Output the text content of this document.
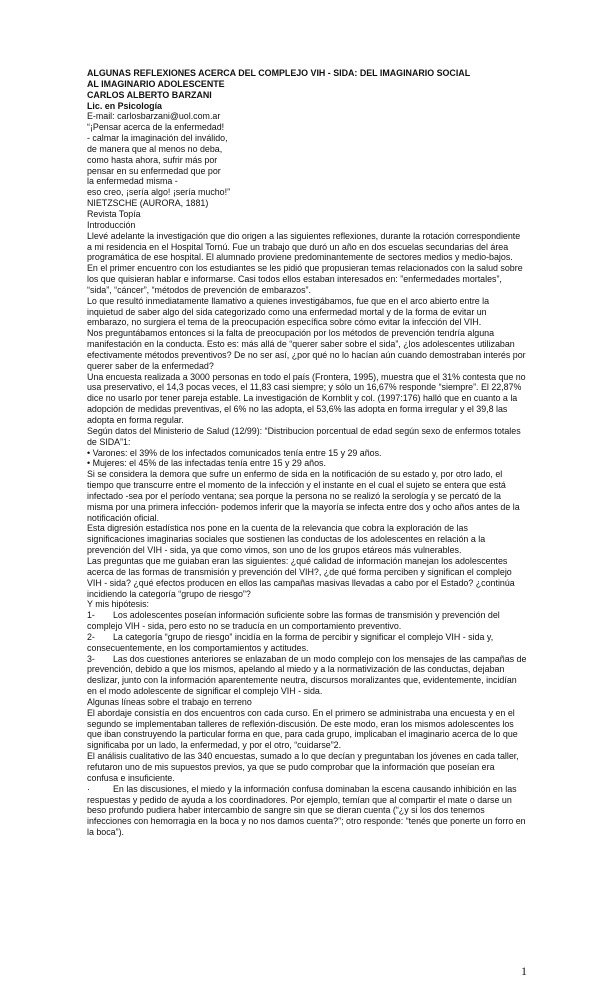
ALGUNAS REFLEXIONES ACERCA DEL COMPLEJO VIH - SIDA: DEL IMAGINARIO SOCIAL

AL IMAGINARIO ADOLESCENTE

CARLOS ALBERTO BARZANI

Lic. en Psicología

E-mail: carlosbarzani@uol.com.ar

“¡Pensar acerca de la enfermedad!

- calmar la imaginación del inválido,

de manera que al menos no deba,

como hasta ahora, sufrir más por

pensar en su enfermedad que por

la enfermedad misma -

eso creo, ¡sería algo! ¡sería mucho!”

NIETZSCHE (AURORA, 1881)

Revista Topía

Introducción

Llevé adelante la investigación que dio origen a las siguientes reflexiones, durante la rotación correspondiente a mi residencia en el Hospital Tornú. Fue un trabajo que duró un año en dos escuelas secundarias del área programática de ese hospital. El alumnado proviene predominantemente de sectores medios y medio-bajos.

En el primer encuentro con los estudiantes se les pidió que propusieran temas relacionados con la salud sobre los que quisieran hablar e informarse. Casi todos ellos estaban interesados en: ”enfermedades mortales”, “sida”, “cáncer”, “métodos de prevención de embarazos”.

Lo que resultó inmediatamente llamativo a quienes investigábamos, fue que en el arco abierto entre la inquietud de saber algo del sida categorizado como una enfermedad mortal y de la forma de evitar un embarazo, no surgiera el tema de la preocupación específica sobre cómo evitar la infección del VIH.

Nos preguntábamos entonces si la falta de preocupación por los métodos de prevención tendría alguna manifestación en la conducta. Esto es: más allá de “querer saber sobre el sida”, ¿los adolescentes utilizaban efectivamente métodos preventivos? De no ser así, ¿por qué no lo hacían aún cuando demostraban interés por querer saber de la enfermedad?

Una encuesta realizada a 3000 personas en todo el país (Frontera, 1995), muestra que el 31% contesta que no usa preservativo, el 14,3 pocas veces, el 11,83 casi siempre; y sólo un 16,67% responde “siempre”. El 22,87% dice no usarlo por tener pareja estable. La investigación de Kornblit y col. (1997:176) halló que en cuanto a la adopción de medidas preventivas, el 6% no las adopta, el 53,6% las adopta en forma irregular y el 39,8 las adopta en forma regular.

Según datos del Ministerio de Salud (12/99): “Distribucion porcentual de edad según sexo de enfermos totales de SIDA”1:

• Varones: el 39% de los infectados comunicados tenía entre 15 y 29 años.

• Mujeres: el 45% de las infectadas tenía entre 15 y 29 años.

Si se considera la demora que sufre un enfermo de sida en la notificación de su estado y, por otro lado, el tiempo que transcurre entre el momento de la infección y el instante en el cual el sujeto se entera que está infectado -sea por el período ventana; sea porque la persona no se realizó la serología y se percató de la misma por una primera infección- podemos inferir que la mayoría se infecta entre dos y ocho años antes de la notificación oficial.

Esta digresión estadística nos pone en la cuenta de la relevancia que cobra la exploración de las significaciones imaginarias sociales que sostienen las conductas de los adolescentes en relación a la prevención del VIH - sida, ya que como vimos, son uno de los grupos etáreos más vulnerables.

Las preguntas que me guiaban eran las siguientes: ¿qué calidad de información manejan los adolescentes acerca de las formas de transmisión y prevención del VIH?, ¿de qué forma perciben y significan el complejo VIH - sida? ¿qué efectos producen en ellos las campañas masivas llevadas a cabo por el Estado? ¿continúa incidiendo la categoría “grupo de riesgo”?

Y mis hipótesis:

1- Los adolescentes poseían información suficiente sobre las formas de transmisión y prevención del complejo VIH - sida, pero esto no se traducía en un comportamiento preventivo.

2- La categoría “grupo de riesgo” incidía en la forma de percibir y significar el complejo VIH - sida y, consecuentemente, en los comportamientos y actitudes.

3- Las dos cuestiones anteriores se enlazaban de un modo complejo con los mensajes de las campañas de prevención, debido a que los mismos, apelando al miedo y a la normativización de las conductas, dejaban deslizar, junto con la información aparentemente neutra, discursos moralizantes que, evidentemente, incidían en el modo adolescente de significar el complejo VIH - sida.

Algunas líneas sobre el trabajo en terreno

El abordaje consistía en dos encuentros con cada curso. En el primero se administraba una encuesta y en el segundo se implementaban talleres de reflexión-discusión. De este modo, eran los mismos adolescentes los que iban construyendo la particular forma en que, para cada grupo, implicaban el imaginario acerca de lo que significaba por un lado, la enfermedad, y por el otro, “cuidarse”2.

El análisis cualitativo de las 340 encuestas, sumado a lo que decían y preguntaban los jóvenes en cada taller, refutaron uno de mis supuestos previos, ya que se pudo comprobar que la información que poseían era confusa e insuficiente.

·	En las discusiones, el miedo y la información confusa dominaban la escena causando inhibición en las respuestas y pedido de ayuda a los coordinadores. Por ejemplo, temían que al compartir el mate o darse un beso profundo pudiera haber intercambio de sangre sin que se dieran cuenta (“¿y si los dos tenemos infecciones con hemorragia en la boca y no nos damos cuenta?”; otro responde: “tenés que ponerte un forro en la boca”).

1
